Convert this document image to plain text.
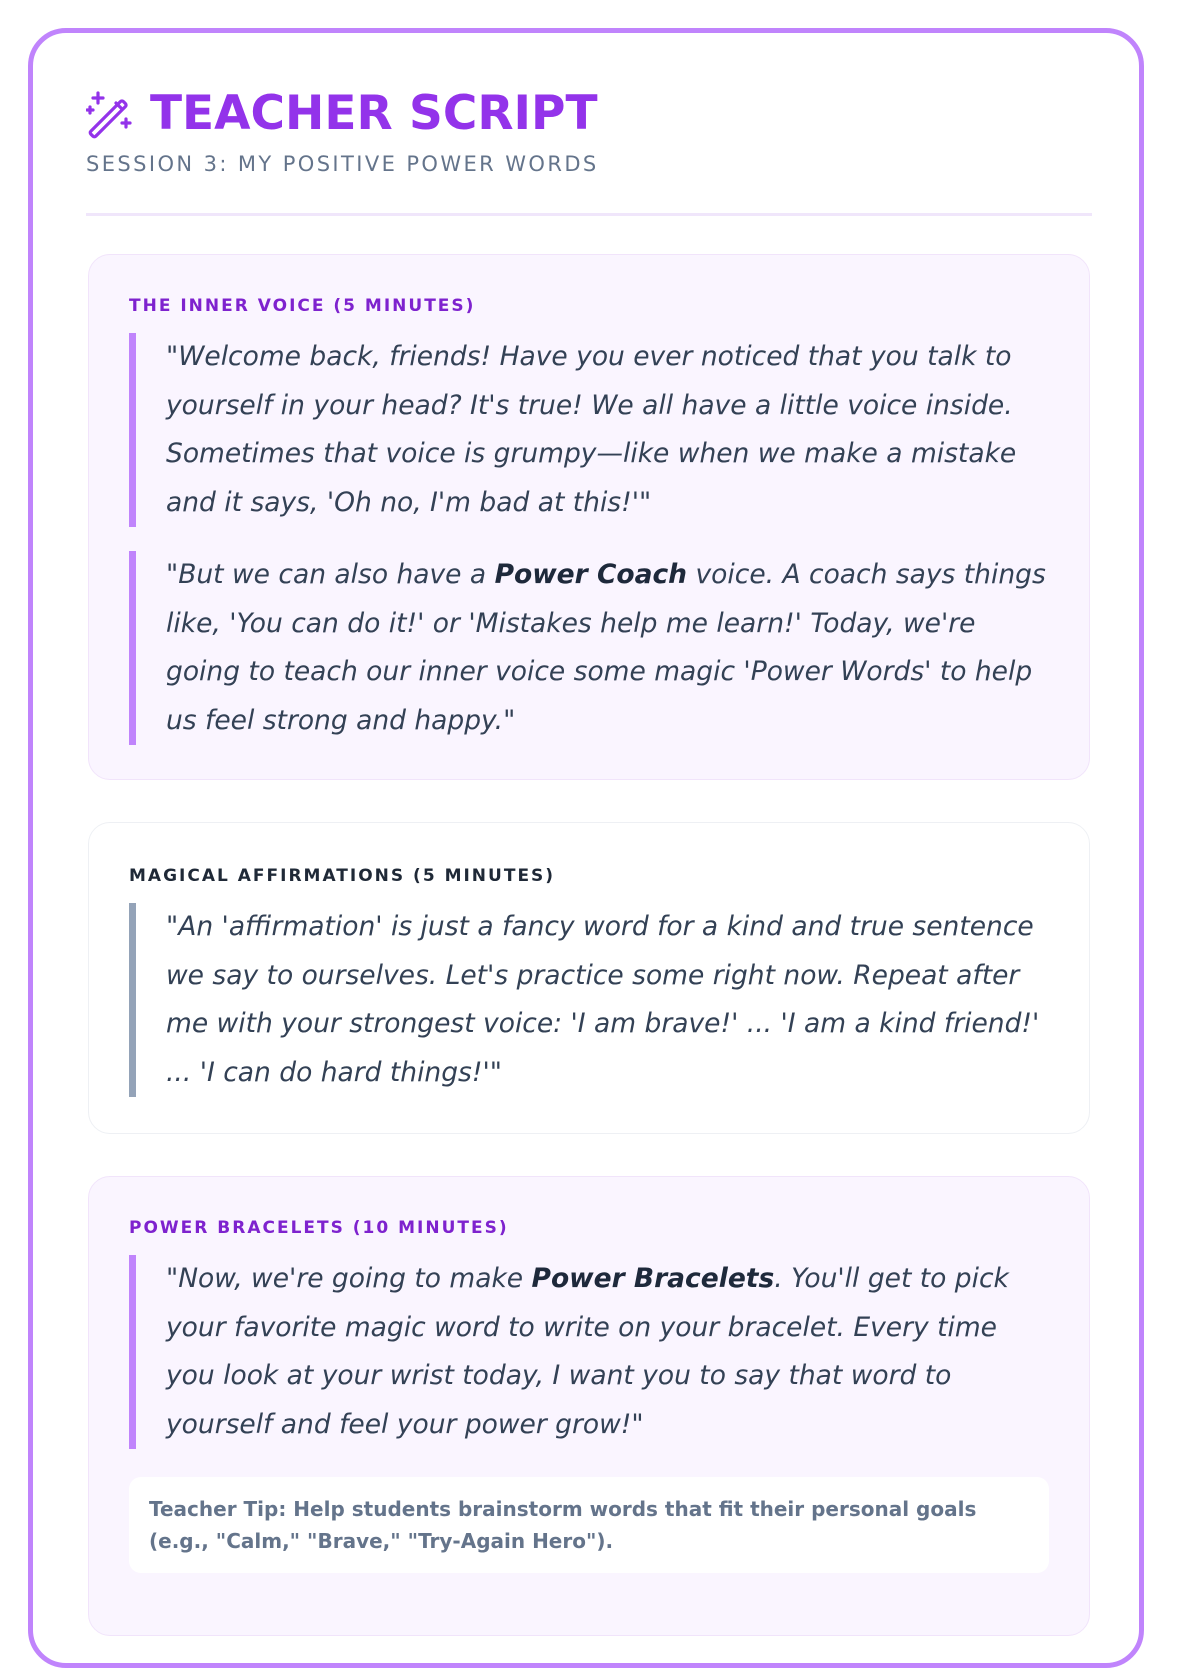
TEACHER SCRIPT
SESSION 3: MY POSITIVE POWER WORDS
THE INNER VOICE (5 MINUTES)
"Welcome back, friends! Have you ever noticed that you talk to yourself in your head? It's true! We all have a little voice inside. Sometimes that voice is grumpy—like when we make a mistake and it says, 'Oh no, I'm bad at this!'"
"But we can also have a Power Coach voice. A coach says things like, 'You can do it!' or 'Mistakes help me learn!' Today, we're going to teach our inner voice some magic 'Power Words' to help us feel strong and happy."
MAGICAL AFFIRMATIONS (5 MINUTES)
"An 'affirmation' is just a fancy word for a kind and true sentence we say to ourselves. Let's practice some right now. Repeat after me with your strongest voice: 'I am brave!' ... 'I am a kind friend!' ... 'I can do hard things!'"
POWER BRACELETS (10 MINUTES)
"Now, we're going to make Power Bracelets. You'll get to pick your favorite magic word to write on your bracelet. Every time you look at your wrist today, I want you to say that word to yourself and feel your power grow!"
Teacher Tip: Help students brainstorm words that fit their personal goals (e.g., "Calm," "Brave," "Try-Again Hero").
